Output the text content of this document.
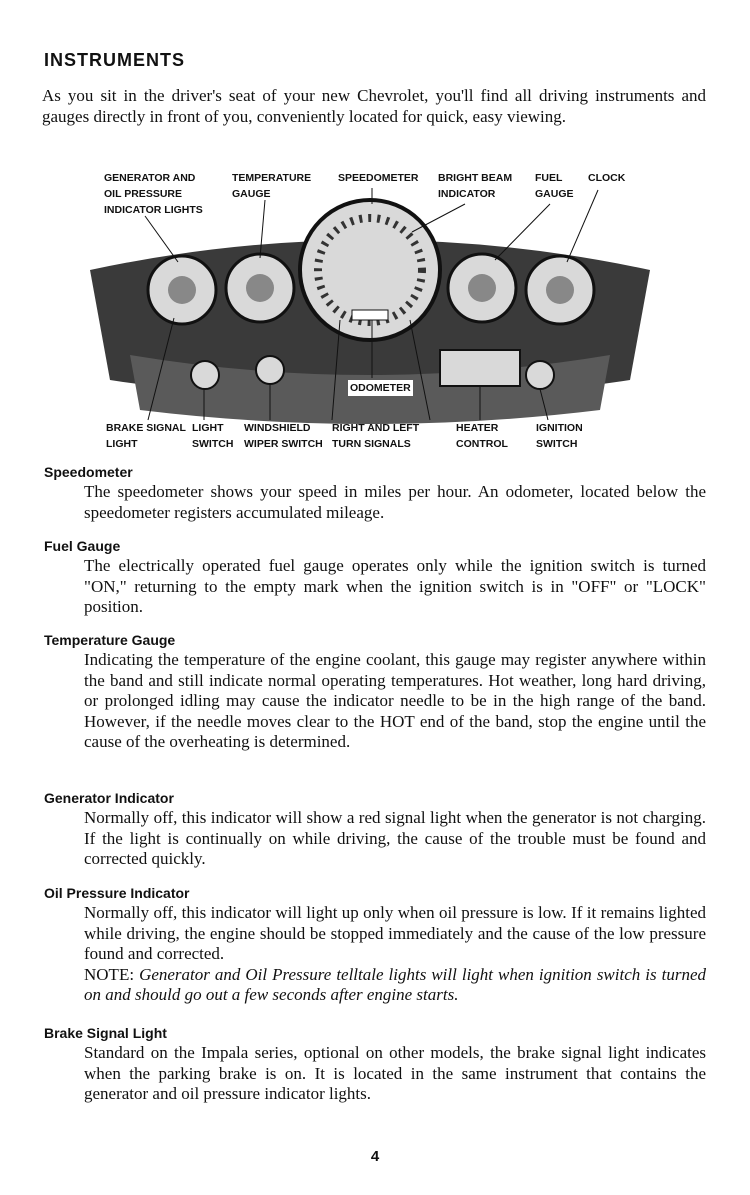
INSTRUMENTS

As you sit in the driver's seat of your new Chevrolet, you'll find all driving instruments and gauges directly in front of you, conveniently located for quick, easy viewing.

GENERATOR AND
OIL PRESSURE
INDICATOR LIGHTS
TEMPERATURE
GAUGE
SPEEDOMETER BRIGHT BEAM
INDICATOR
FUEL
GAUGE
CLOCK
ODOMETER
BRAKE SIGNAL
LIGHT
LIGHT
SWITCH
WINDSHIELD
WIPER SWITCH
RIGHT AND LEFT
TURN SIGNALS
HEATER
CONTROL
IGNITION
SWITCH
Speedometer

The speedometer shows your speed in miles per hour. An odometer, located below the speedometer registers accumulated mileage.

Fuel Gauge

The electrically operated fuel gauge operates only while the ignition switch is turned "ON," returning to the empty mark when the ignition switch is in "OFF" or "LOCK" position.

Temperature Gauge

Indicating the temperature of the engine coolant, this gauge may register anywhere within the band and still indicate normal operating temperatures. Hot weather, long hard driving, or prolonged idling may cause the indicator needle to be in the high range of the band. However, if the needle moves clear to the HOT end of the band, stop the engine until the cause of the overheating is determined.

Generator Indicator

Normally off, this indicator will show a red signal light when the generator is not charging. If the light is continually on while driving, the cause of the trouble must be found and corrected quickly.

Oil Pressure Indicator

Normally off, this indicator will light up only when oil pressure is low. If it remains lighted while driving, the engine should be stopped immediately and the cause of the low pressure found and corrected.

NOTE: Generator and Oil Pressure telltale lights will light when ignition switch is turned on and should go out a few seconds after engine starts.

Brake Signal Light

Standard on the Impala series, optional on other models, the brake signal light indicates when the parking brake is on. It is located in the same instrument that contains the generator and oil pressure indicator lights.

4
